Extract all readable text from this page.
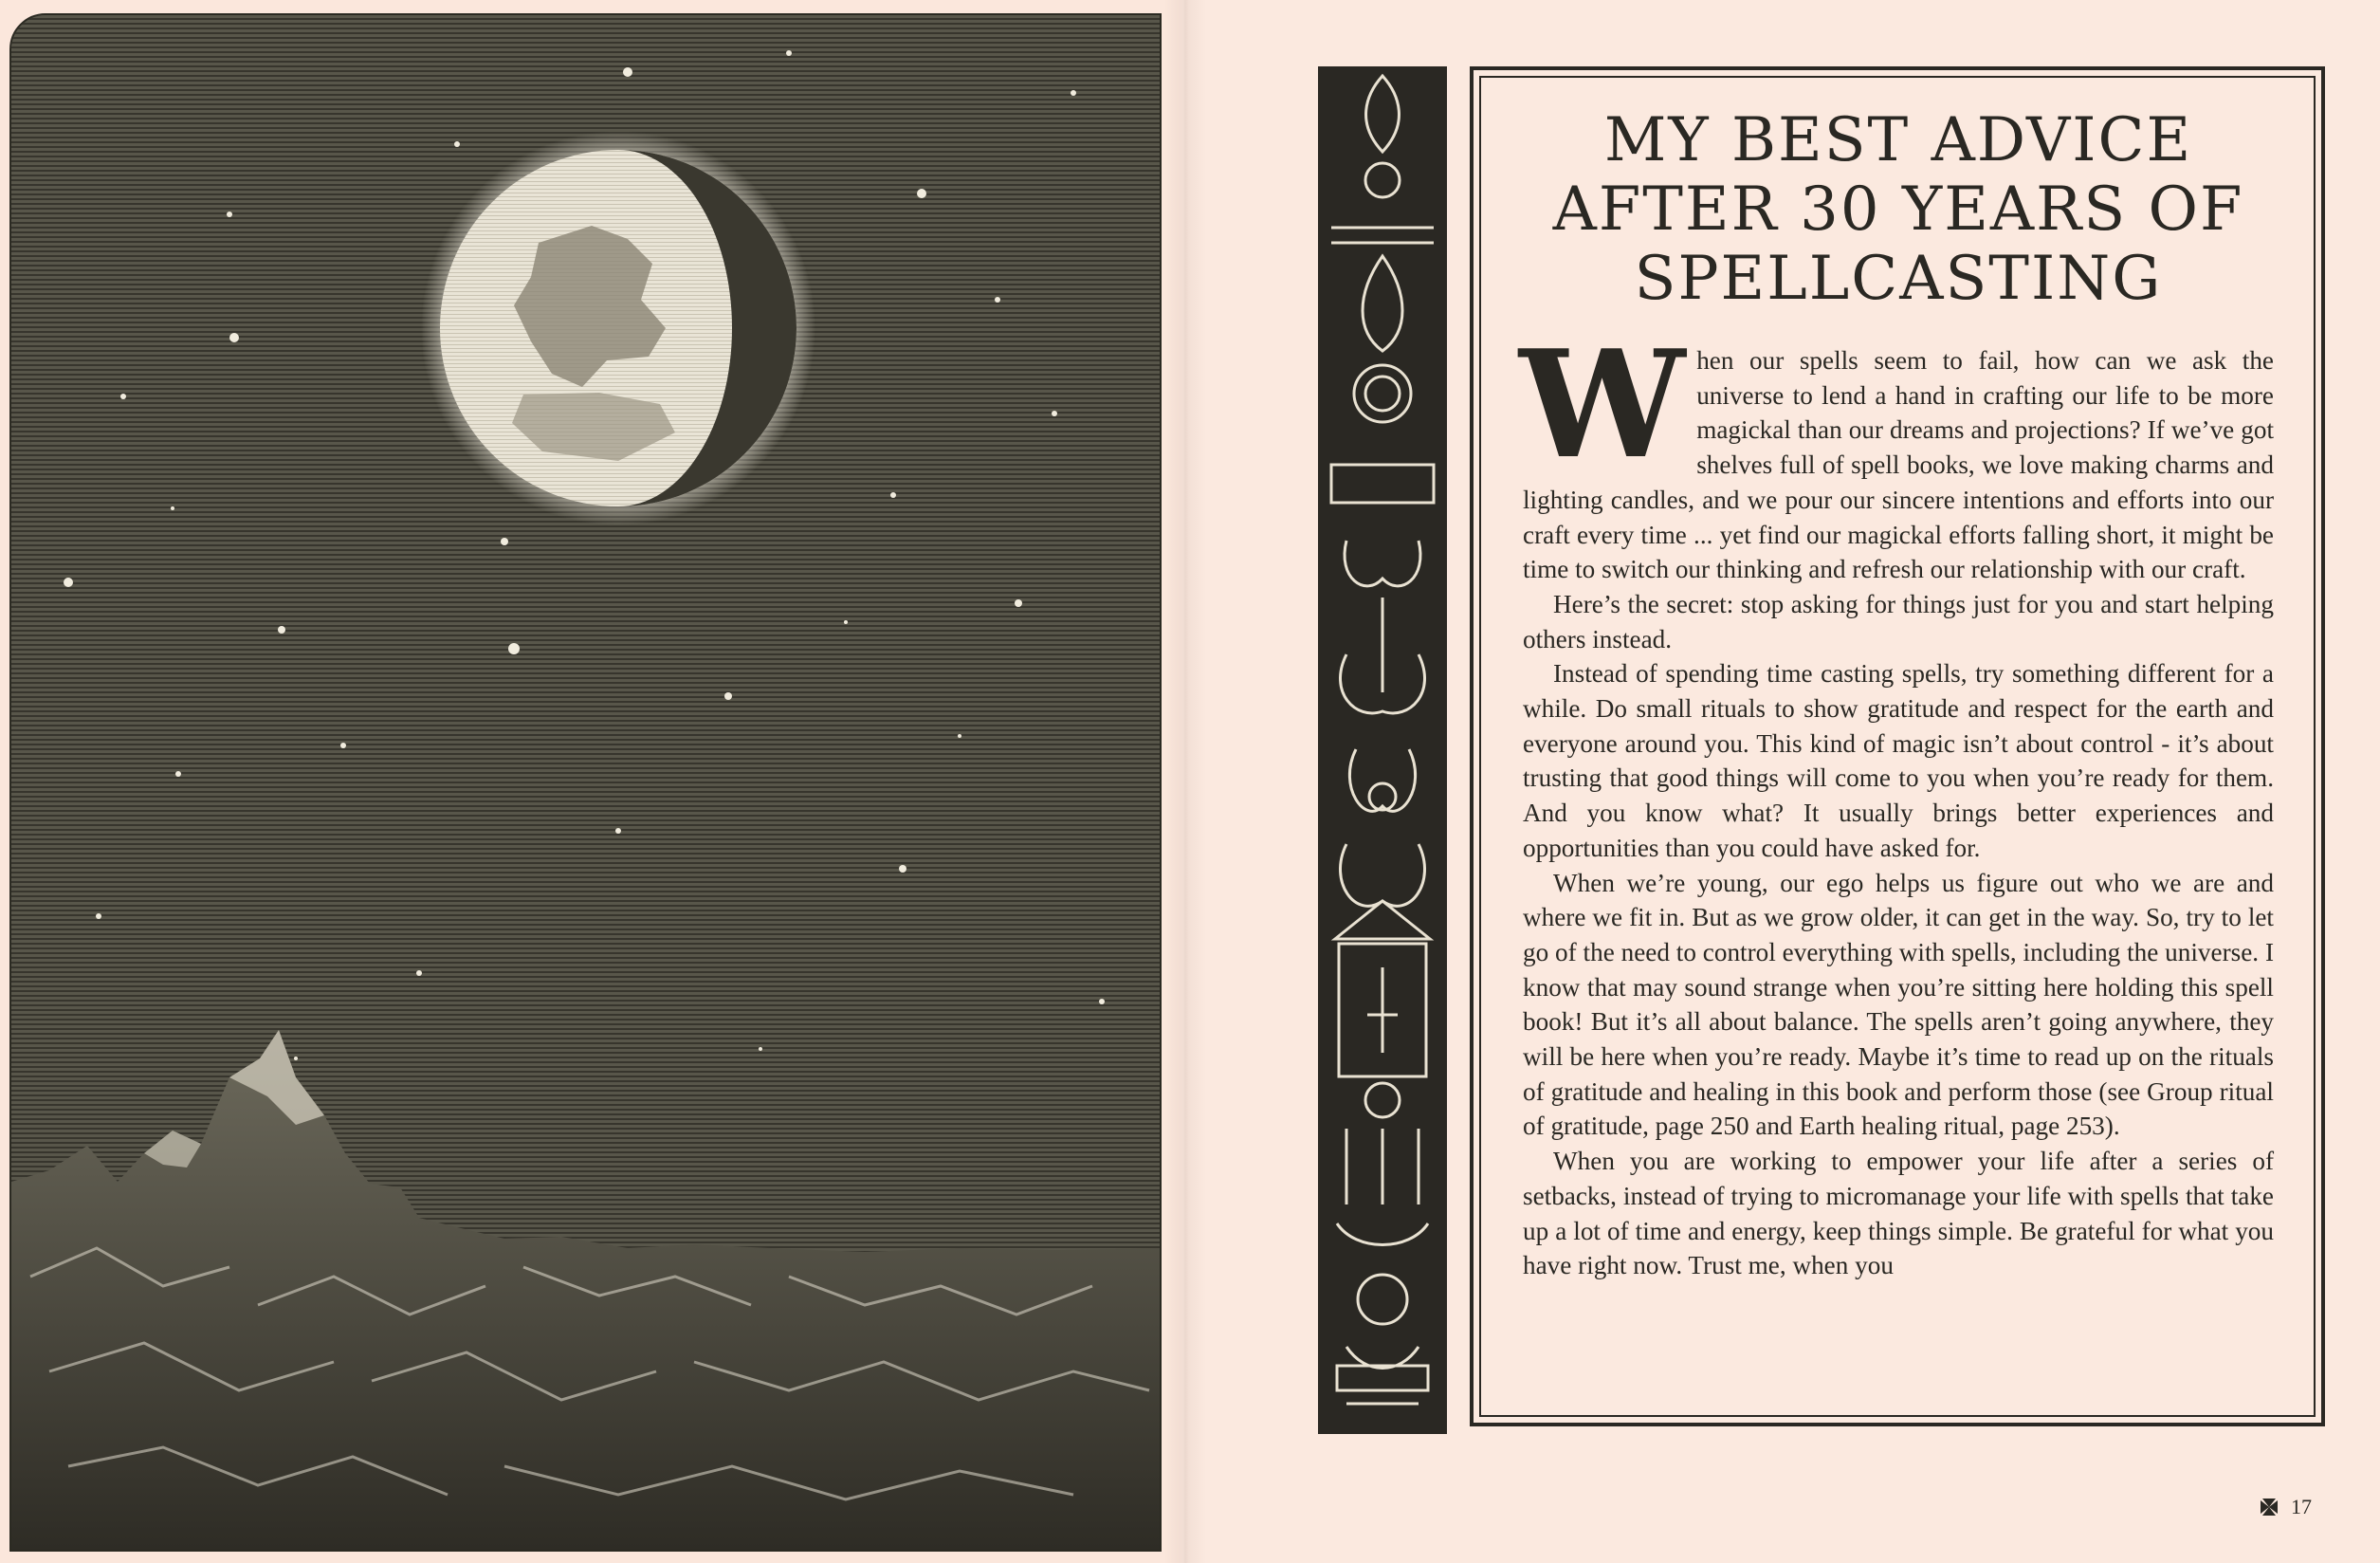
MY BEST ADVICE
AFTER 30 YEARS OF
SPELLCASTING

When our spells seem to fail, how can we ask the universe to lend a hand in crafting our life to be more magickal than our dreams and projections? If we’ve got shelves full of spell books, we love making charms and lighting candles, and we pour our sincere intentions and efforts into our craft every time ... yet find our magickal efforts falling short, it might be time to switch our thinking and refresh our relationship with our craft.

Here’s the secret: stop asking for things just for you and start helping others instead.

Instead of spending time casting spells, try something different for a while. Do small rituals to show gratitude and respect for the earth and everyone around you. This kind of magic isn’t about control - it’s about trusting that good things will come to you when you’re ready for them. And you know what? It usually brings better experiences and opportunities than you could have asked for.

When we’re young, our ego helps us figure out who we are and where we fit in. But as we grow older, it can get in the way. So, try to let go of the need to control everything with spells, including the universe. I know that may sound strange when you’re sitting here holding this spell book! But it’s all about balance. The spells aren’t going anywhere, they will be here when you’re ready. Maybe it’s time to read up on the rituals of gratitude and healing in this book and perform those (see Group ritual of gratitude, page 250 and Earth healing ritual, page 253).

When you are working to empower your life after a series of setbacks, instead of trying to micromanage your life with spells that take up a lot of time and energy, keep things simple. Be grateful for what you have right now. Trust me, when you

17
